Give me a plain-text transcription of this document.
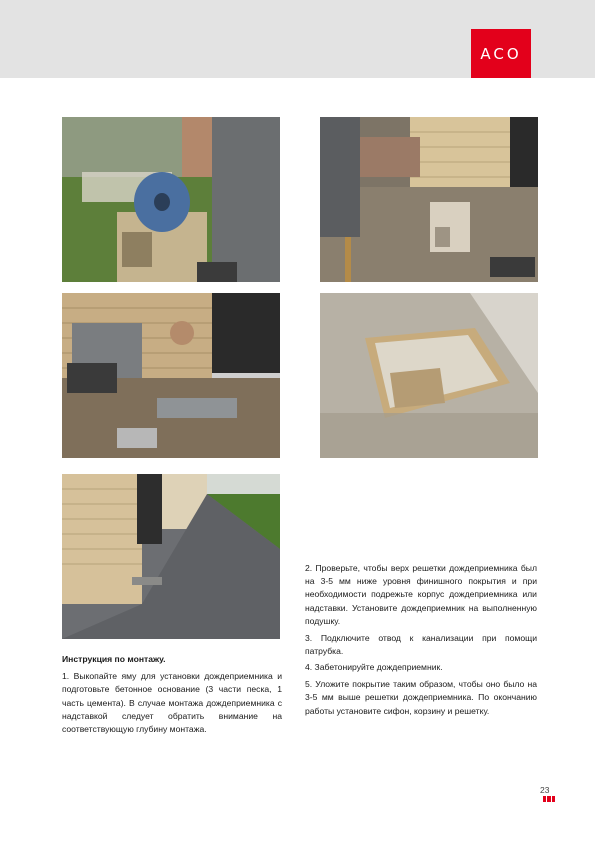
ACO

Инструкция по монтажу.

1. Выкопайте яму для установки дождеприемника и подготовьте бетонное основание (3 части песка, 1 часть цемента). В случае монтажа дождеприемника с надставкой следует обратить внимание на соответствующую глубину монтажа.

2. Проверьте, чтобы верх решетки дождеприемника был на 3-5 мм ниже уровня финишного покрытия и при необходимости подрежьте корпус дождеприемника или надставки. Установите дождеприемник на выполненную подушку.

3. Подключите отвод к канализации при помощи патрубка.

4. Забетонируйте дождеприемник.

5. Уложите покрытие таким образом, чтобы оно было на 3-5 мм выше решетки дождеприемника. По окончанию работы установите сифон, корзину и решетку.

23
